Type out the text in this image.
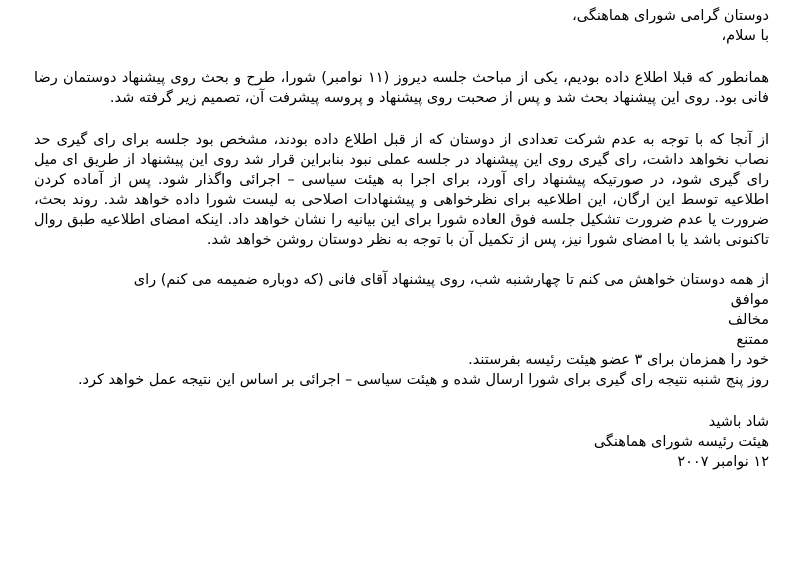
دوستان گرامی شورای هماهنگی،
با سلام،

همانطور که قبلا اطلاع داده بودیم، یکی از مباحث جلسه دیروز (۱۱ نوامبر) شورا، طرح و بحث روی پیشنهاد دوستمان رضا فانی بود. روی این پیشنهاد بحث شد و پس از صحبت روی پیشنهاد و پروسه پیشرفت آن، تصمیم زیر گرفته شد.

از آنجا که با توجه به عدم شرکت تعدادی از دوستان که از قبل اطلاع داده بودند، مشخص بود جلسه برای رای گیری حد نصاب نخواهد داشت، رای گیری روی این پیشنهاد در جلسه عملی نبود بنابراین قرار شد روی این پیشنهاد از طریق ای میل رای گیری شود، در صورتیکه پیشنهاد رای آورد، برای اجرا به هیئت سیاسی – اجرائی واگذار شود. پس از آماده کردن اطلاعیه توسط این ارگان، این اطلاعیه برای نظرخواهی و پیشنهادات اصلاحی به لیست شورا داده خواهد شد. روند بحث، ضرورت یا عدم ضرورت تشکیل جلسه فوق العاده شورا برای این بیانیه را نشان خواهد داد. اینکه امضای اطلاعیه طبق روال تاکنونی باشد یا با امضای شورا نیز، پس از تکمیل آن با توجه به نظر دوستان روشن خواهد شد.

از همه دوستان خواهش می کنم تا چهارشنبه شب، روی پیشنهاد آقای فانی (که دوباره ضمیمه می کنم) رای
موافق
مخالف
ممتنع
خود را همزمان برای ۳ عضو هیئت رئیسه بفرستند.
روز پنج شنبه نتیجه رای گیری برای شورا ارسال شده و هیئت سیاسی – اجرائی بر اساس این نتیجه عمل خواهد کرد.
شاد باشید
هیئت رئیسه شورای هماهنگی
۱۲ نوامبر ۲۰۰۷
